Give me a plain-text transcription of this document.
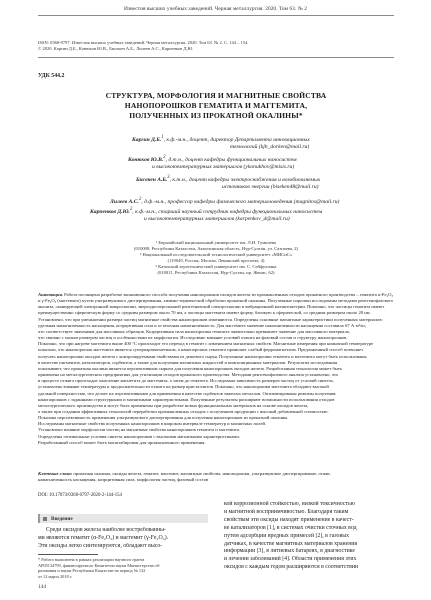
Известия высших учебных заведений. Черная металлургия. 2020. Том 63. № 2
ISSN: 0368-0797. Известия высших учебных заведений. Черная металлургия. 2020. Том 63. № 2. С. 144 – 154.
© 2020. Каргин Д.Б., Конюхов Ю.В., Бисекен А.Б., Лилеев А.С., Карпенков Д.Ю.
УДК 544.2
СТРУКТУРА, МОРФОЛОГИЯ И МАГНИТНЫЕ СВОЙСТВА
НАНОПОРОШКОВ ГЕМАТИТА И МАГГЕМИТА,
ПОЛУЧЕННЫХ ИЗ ПРОКАТНОЙ ОКАЛИНЫ*
Каргин Д.Б.$^1$, к.ф.-м.н., доцент, директор Департамента инновационных
технологий (kjb_dorken@mail.ru)
Конюхов Ю.В.$^2$, д.т.н., доцент кафедры функциональных наносистем
и высокотемпературных материалов (ykonukhov@misis.ru)
Бисекен А.Б.$^3$, к.т.н., доцент кафедры электроснабжения и возобновляемых
источников энергии (biseken48@mail.ru)
Лилеев А.С.$^2$, д.ф.-м.н., профессор кафедры физического материаловедения (magnitos@mail.ru)
Карпенков Д.Ю.$^2$, к.ф.-м.н., старший научный сотрудник кафедры функциональных наносистем
и высокотемпературных материалов (karpenkov_d@mail.ru)
¹ Евразийский национальный университет им. Л.Н. Гумилева
(010008, Республика Казахстан, Акмолинская область, Нур-Султан, ул. Сатпаева, 2)
² Национальный исследовательский технологический университет «МИСиС»
(119049, Россия, Москва, Ленинский проспект, 4)
³ Казахский агротехнический университет им. С. Сейфуллина
(010011, Республика Казахстан, Нур-Султан, пр. Женис, 62)
Аннотация. Работа посвящена разработке экономичного способа получения нанопорошков оксидов железа из промышленных отходов прокатного производства – гематита α-Fe₂O₃
и γ-Fe₂O₃ (маггемита) путем ультразвукового диспергирования, химико-термической обработки прокатной окалины. Полученные порошки исследованы методами рентгенофазового
анализа, сканирующей электронной микроскопии, энергодисперсионной рентгеновской спектроскопии и вибрационной магнитометрии. Показано, что частицы гематита имеют
преимущественно сферическую форму со средним размером около 70 нм, а частицы маггемита имеют форму, близкую к сферической, со средним размером около 20 нм.
Установлено, что при уменьшении размера частиц магнитные свойства нанопорошков изменяются. Определены основные магнитные характеристики полученных материалов:
удельная намагниченность насыщения, коэрцитивная сила и остаточная намагниченность. Для маггемита значение намагниченности насыщения составило 67 А·м²/кг,
что соответствует значениям для массивных образцов. Коэрцитивная сила нанопорошка гематита значительно превышает значение для массивного материала,
что связано с малым размером частиц и особенностями их морфологии. Исследовано влияние условий отжига на фазовый состав и структуру нанопорошков.
Показано, что при нагреве маггемита выше 400 °С происходит его переход в гематит с изменением магнитных свойств. Магнитные измерения при комнатной температуре
показали, что нанопорошок маггемита является суперпарамагнетиком, а нанопорошок гематита проявляет слабый ферромагнетизм. Предложенный способ позволяет
получать нанопорошки оксидов железа с контролируемыми свойствами из дешевого сырья. Полученные нанопорошки гематита и маггемита могут быть использованы
в качестве пигментов, катализаторов, сорбентов, а также для получения магнитных жидкостей и композиционных материалов. Результаты исследования
показывают, что прокатная окалина является перспективным сырьем для получения нанопорошков оксидов железа. Разработанная технология может быть
применена на металлургических предприятиях для утилизации отходов прокатного производства. Методами рентгенофазового анализа установлено, что
в процессе отжига происходит окисление магнетита до маггемита, а затем до гематита. Исследована зависимость размеров частиц от условий синтеза,
установлено влияние температуры и продолжительности отжига на размер кристаллитов. Показано, что нанопорошки маггемита обладают высокой
удельной поверхностью, что делает их перспективными для применения в качестве сорбентов тяжелых металлов. Оптимизированы режимы получения
нанопорошков с заданными структурными и магнитными характеристиками. Полученные результаты расширяют возможности использования отходов
металлургического производства и могут быть применены при разработке новых функциональных материалов на основе оксидов железа,
а также при создании эффективных технологий переработки промышленных отходов с получением продукции с высокой добавленной стоимостью.
Показана перспективность применения ультразвукового диспергирования для получения нанопорошков из прокатной окалины.
Исследованы магнитные свойства полученных нанопорошков в широком интервале температур и магнитных полей.
Установлено влияние морфологии частиц на магнитные свойства нанопорошков гематита и маггемита.
Определены оптимальные условия синтеза нанопорошков с высокими магнитными характеристиками.
Разработанный способ может быть масштабирован для промышленного применения.
Ключевые слова: прокатная окалина, оксиды железа, гематит, маггемит, магнитные свойства, нанопорошки, ультразвуковое диспергирование, отжиг,
намагниченность насыщения, коэрцитивная сила, морфология частиц, фазовый состав
DOI: 10.17073/0368-0797-2020-2-144-154
Введение
Среди оксидов железа наиболее востребованны-
ми являются гематит (α-Fe₂O₃) и маггемит (γ-Fe₂O₃).
Эти оксиды легко синтезируются, обладают высо-
* Работа выполнена в рамках реализации научного гранта
АР05134799, финансируемого Комитетом науки Министерства об-
разования и науки Республики Казахстан на период № 132
от 12 марта 2018 г.
кой коррозионной стойкостью, низкой токсичностью
и магнитной восприимчивостью. Благодаря таким
свойствам эти оксиды находят применение в качест-
ве катализаторов [1], в системах очистки сточных вод
путем адсорбции вредных примесей [2], в газовых
датчиках, в качестве магнитных материалов хранения
информации [3], в литиевых батареях, в диагностике
и лечении заболеваний [4]. Области применения этих
оксидов с каждым годом расширяются в соответствии
144
